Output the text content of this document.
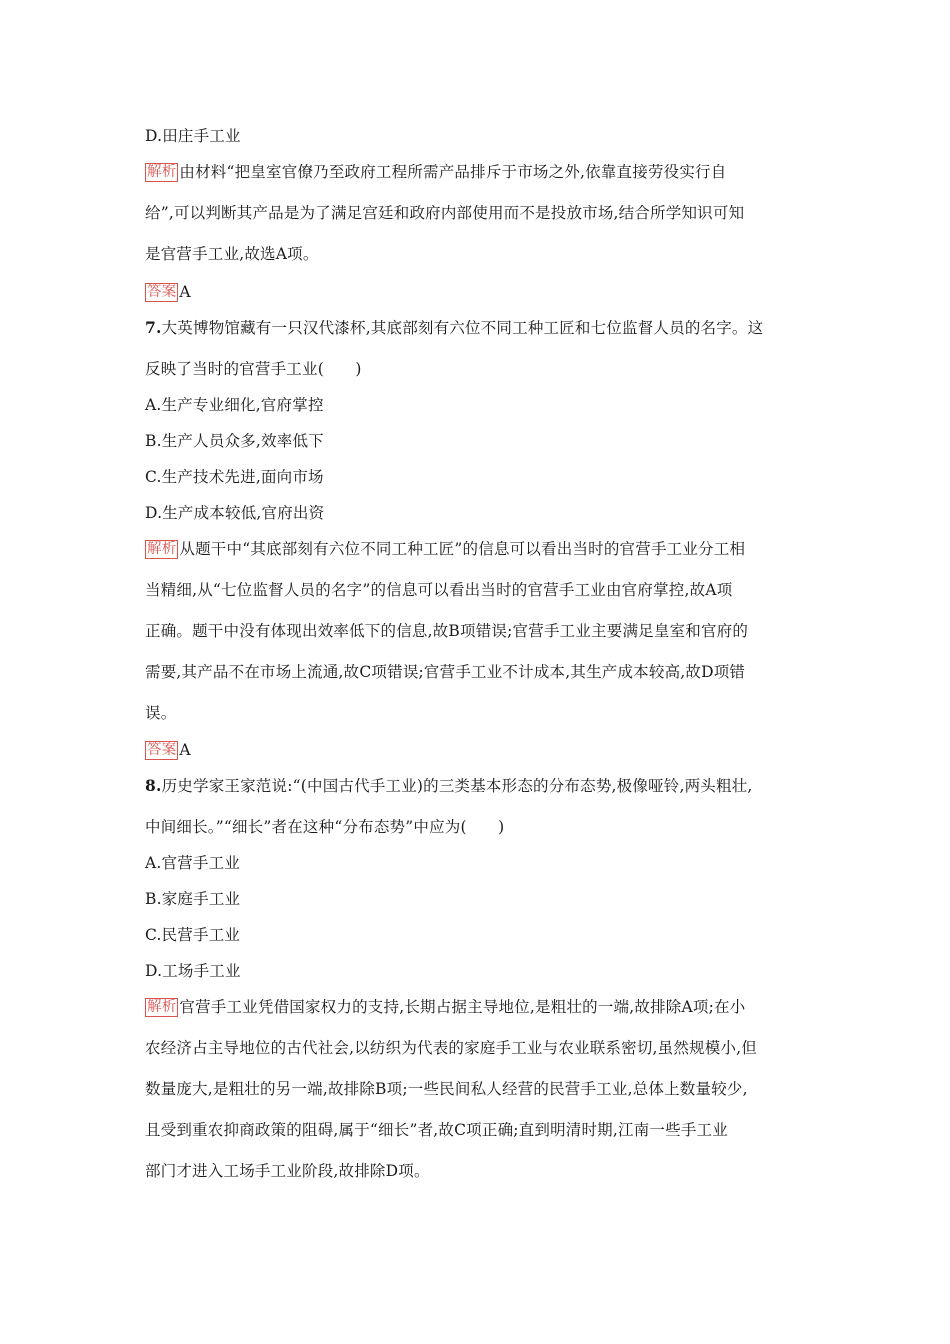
D.田庄手工业
解析 由材料“把皇室官僚乃至政府工程所需产品排斥于市场之外,依靠直接劳役实行自
给”,可以判断其产品是为了满足宫廷和政府内部使用而不是投放市场,结合所学知识可知
是官营手工业,故选A项。
答案 A
7.大英博物馆藏有一只汉代漆杯,其底部刻有六位不同工种工匠和七位监督人员的名字。这
反映了当时的官营手工业(　　)
A.生产专业细化,官府掌控
B.生产人员众多,效率低下
C.生产技术先进,面向市场
D.生产成本较低,官府出资
解析 从题干中“其底部刻有六位不同工种工匠”的信息可以看出当时的官营手工业分工相
当精细,从“七位监督人员的名字”的信息可以看出当时的官营手工业由官府掌控,故A项
正确。题干中没有体现出效率低下的信息,故B项错误;官营手工业主要满足皇室和官府的
需要,其产品不在市场上流通,故C项错误;官营手工业不计成本,其生产成本较高,故D项错
误。
答案 A
8.历史学家王家范说:“(中国古代手工业)的三类基本形态的分布态势,极像哑铃,两头粗壮,
中间细长。”“细长”者在这种“分布态势”中应为(　　)
A.官营手工业
B.家庭手工业
C.民营手工业
D.工场手工业
解析 官营手工业凭借国家权力的支持,长期占据主导地位,是粗壮的一端,故排除A项;在小
农经济占主导地位的古代社会,以纺织为代表的家庭手工业与农业联系密切,虽然规模小,但
数量庞大,是粗壮的另一端,故排除B项;一些民间私人经营的民营手工业,总体上数量较少,
且受到重农抑商政策的阻碍,属于“细长”者,故C项正确;直到明清时期,江南一些手工业
部门才进入工场手工业阶段,故排除D项。
